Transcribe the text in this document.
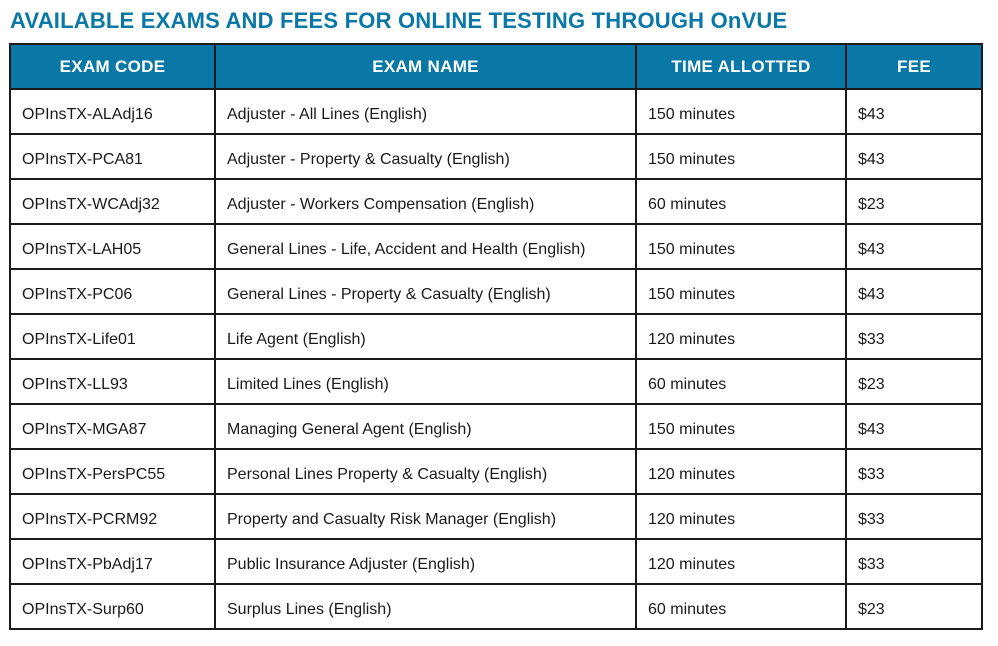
AVAILABLE EXAMS AND FEES FOR ONLINE TESTING THROUGH OnVUE
EXAM CODE	EXAM NAME	TIME ALLOTTED	FEE
OPInsTX-ALAdj16	Adjuster - All Lines (English)	150 minutes	$43
OPInsTX-PCA81	Adjuster - Property & Casualty (English)	150 minutes	$43
OPInsTX-WCAdj32	Adjuster - Workers Compensation (English)	60 minutes	$23
OPInsTX-LAH05	General Lines - Life, Accident and Health (English)	150 minutes	$43
OPInsTX-PC06	General Lines - Property & Casualty (English)	150 minutes	$43
OPInsTX-Life01	Life Agent (English)	120 minutes	$33
OPInsTX-LL93	Limited Lines (English)	60 minutes	$23
OPInsTX-MGA87	Managing General Agent (English)	150 minutes	$43
OPInsTX-PersPC55	Personal Lines Property & Casualty (English)	120 minutes	$33
OPInsTX-PCRM92	Property and Casualty Risk Manager (English)	120 minutes	$33
OPInsTX-PbAdj17	Public Insurance Adjuster (English)	120 minutes	$33
OPInsTX-Surp60	Surplus Lines (English)	60 minutes	$23
